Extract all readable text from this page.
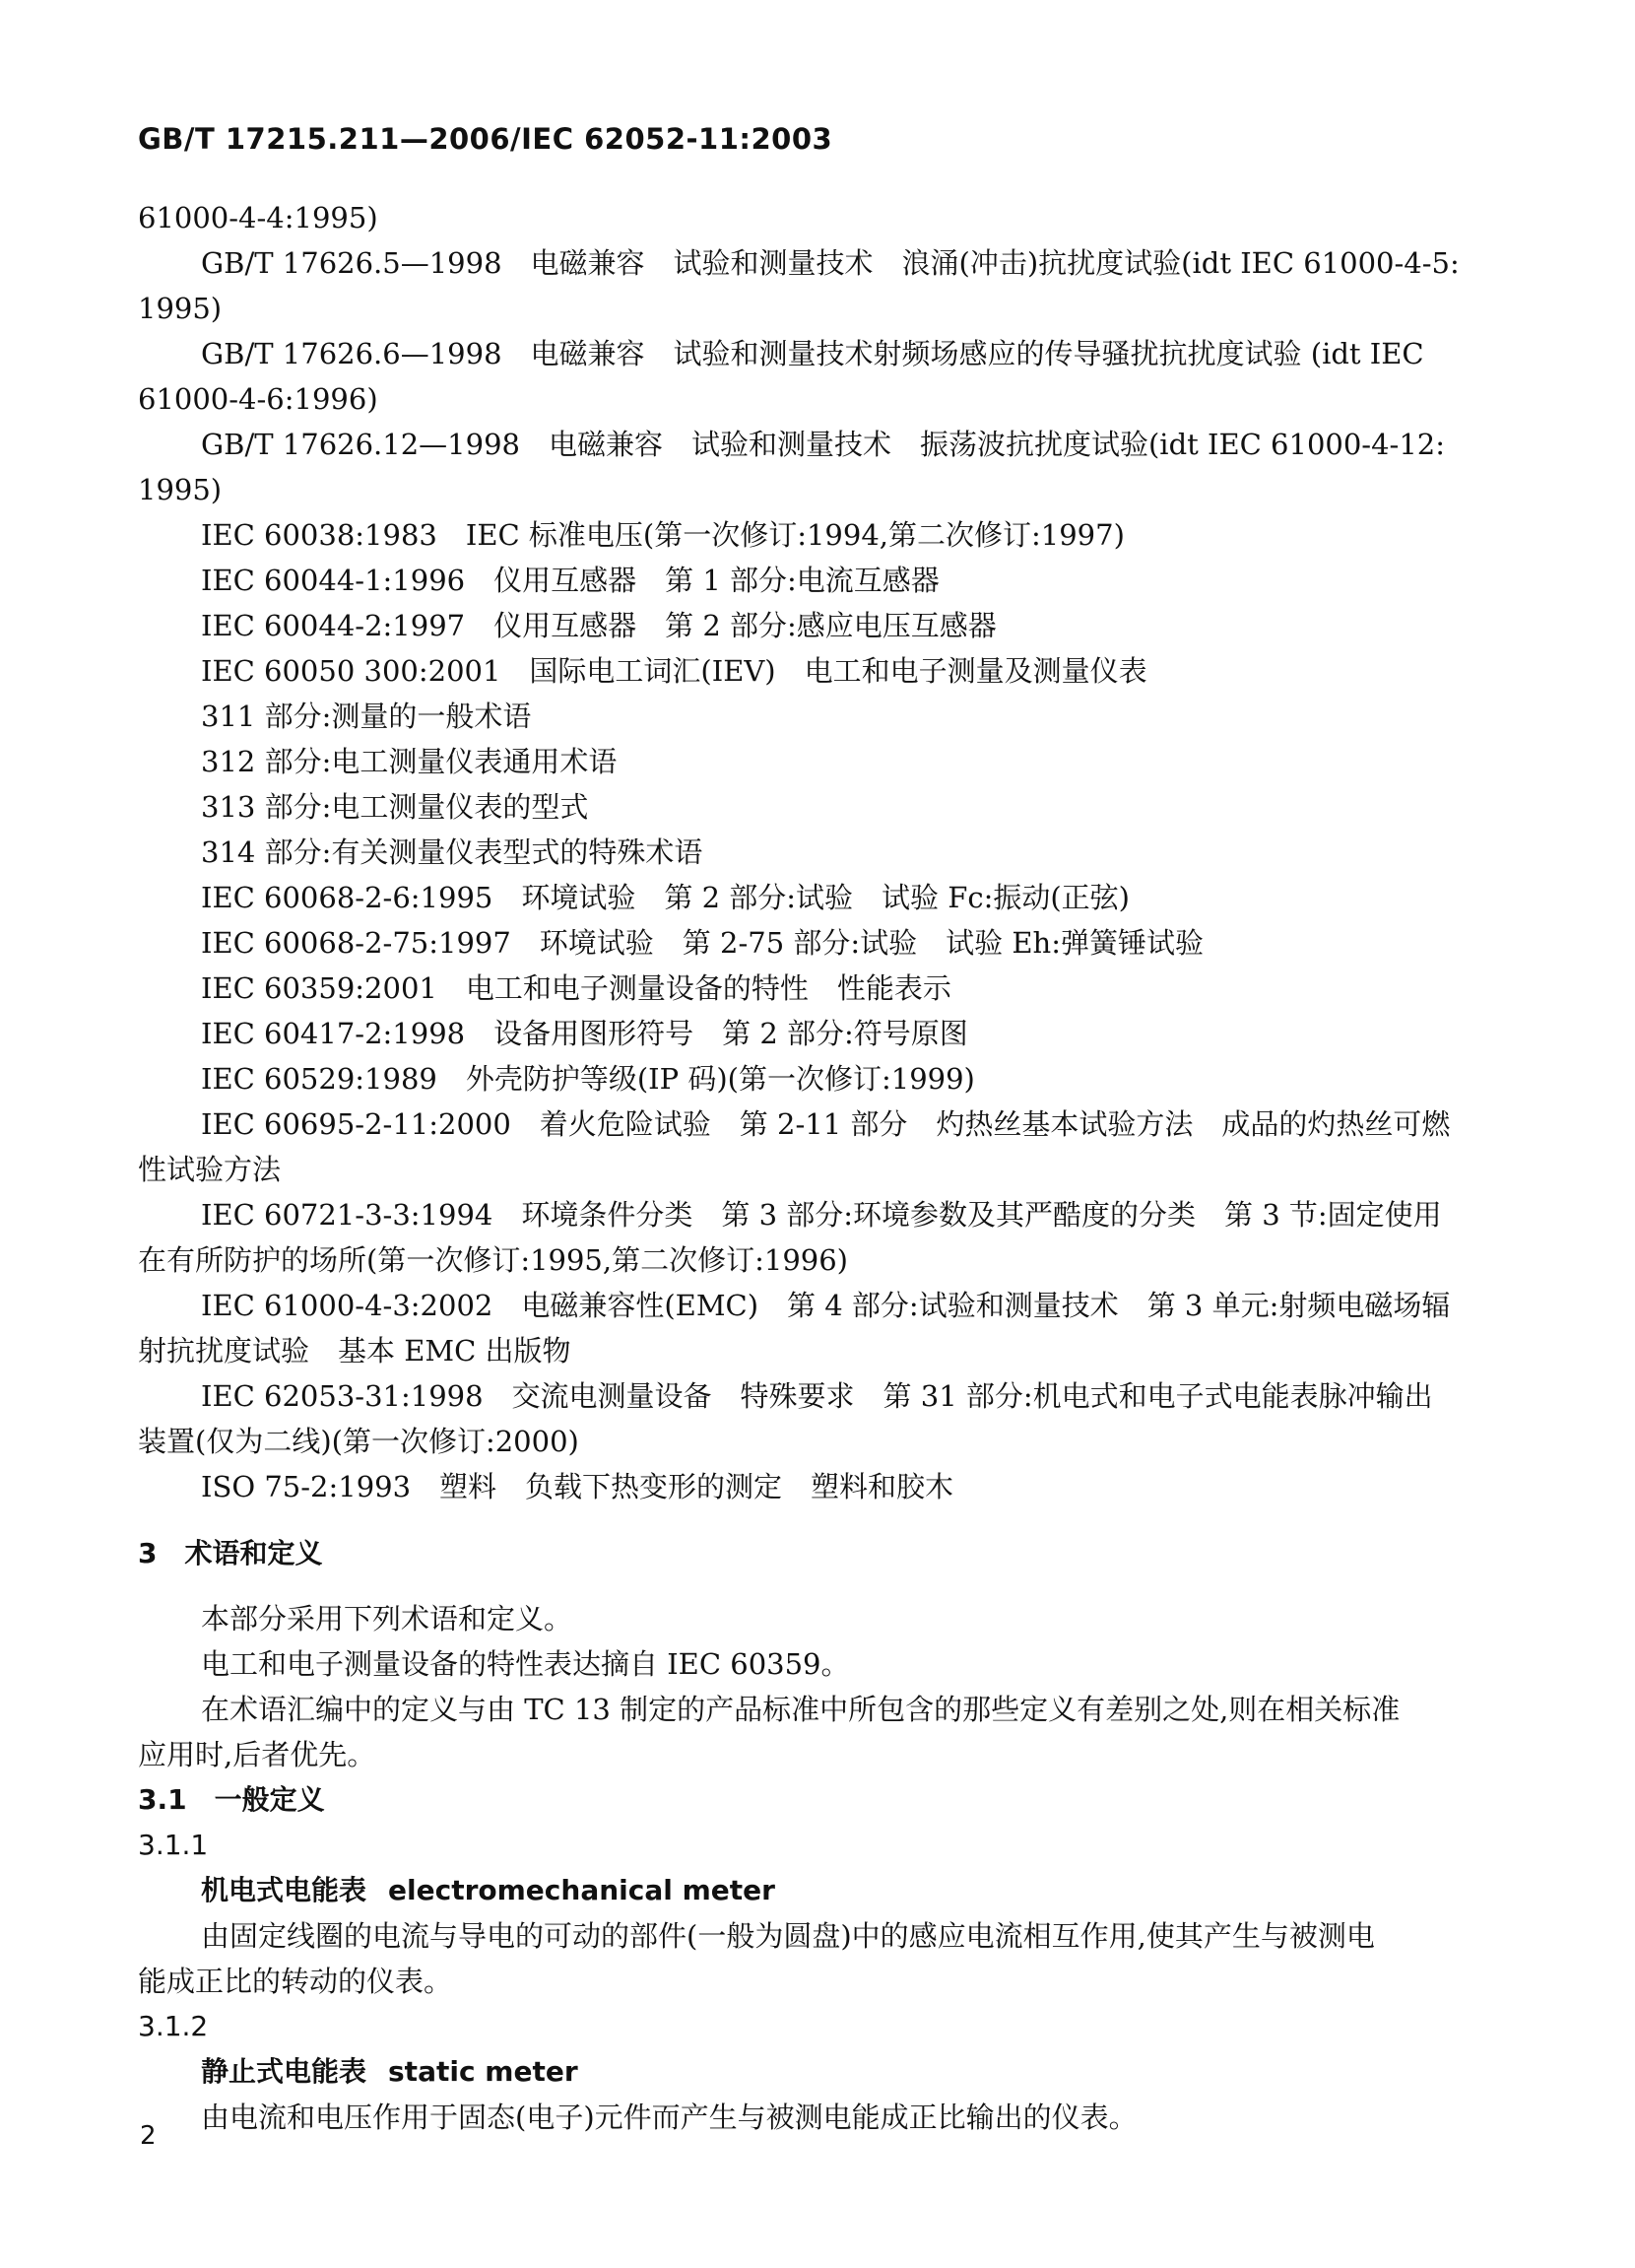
GB/T 17215.211—2006/IEC 62052-11:2003
61000-4-4:1995)
GB/T 17626.5—1998　电磁兼容　试验和测量技术　浪涌(冲击)抗扰度试验(idt IEC 61000-4-5:
1995)
GB/T 17626.6—1998　电磁兼容　试验和测量技术射频场感应的传导骚扰抗扰度试验 (idt IEC
61000-4-6:1996)
GB/T 17626.12—1998　电磁兼容　试验和测量技术　振荡波抗扰度试验(idt IEC 61000-4-12:
1995)
IEC 60038:1983　IEC 标准电压(第一次修订:1994,第二次修订:1997)
IEC 60044-1:1996　仪用互感器　第 1 部分:电流互感器
IEC 60044-2:1997　仪用互感器　第 2 部分:感应电压互感器
IEC 60050 300:2001　国际电工词汇(IEV)　电工和电子测量及测量仪表
311 部分:测量的一般术语
312 部分:电工测量仪表通用术语
313 部分:电工测量仪表的型式
314 部分:有关测量仪表型式的特殊术语
IEC 60068-2-6:1995　环境试验　第 2 部分:试验　试验 Fc:振动(正弦)
IEC 60068-2-75:1997　环境试验　第 2-75 部分:试验　试验 Eh:弹簧锤试验
IEC 60359:2001　电工和电子测量设备的特性　性能表示
IEC 60417-2:1998　设备用图形符号　第 2 部分:符号原图
IEC 60529:1989　外壳防护等级(IP 码)(第一次修订:1999)
IEC 60695-2-11:2000　着火危险试验　第 2-11 部分　灼热丝基本试验方法　成品的灼热丝可燃
性试验方法
IEC 60721-3-3:1994　环境条件分类　第 3 部分:环境参数及其严酷度的分类　第 3 节:固定使用
在有所防护的场所(第一次修订:1995,第二次修订:1996)
IEC 61000-4-3:2002　电磁兼容性(EMC)　第 4 部分:试验和测量技术　第 3 单元:射频电磁场辐
射抗扰度试验　基本 EMC 出版物
IEC 62053-31:1998　交流电测量设备　特殊要求　第 31 部分:机电式和电子式电能表脉冲输出
装置(仅为二线)(第一次修订:2000)
ISO 75-2:1993　塑料　负载下热变形的测定　塑料和胶木
3　术语和定义
本部分采用下列术语和定义。
电工和电子测量设备的特性表达摘自 IEC 60359。
在术语汇编中的定义与由 TC 13 制定的产品标准中所包含的那些定义有差别之处,则在相关标准
应用时,后者优先。
3.1　一般定义
3.1.1
机电式电能表 electromechanical meter
由固定线圈的电流与导电的可动的部件(一般为圆盘)中的感应电流相互作用,使其产生与被测电
能成正比的转动的仪表。
3.1.2
静止式电能表 static meter
由电流和电压作用于固态(电子)元件而产生与被测电能成正比输出的仪表。
2
